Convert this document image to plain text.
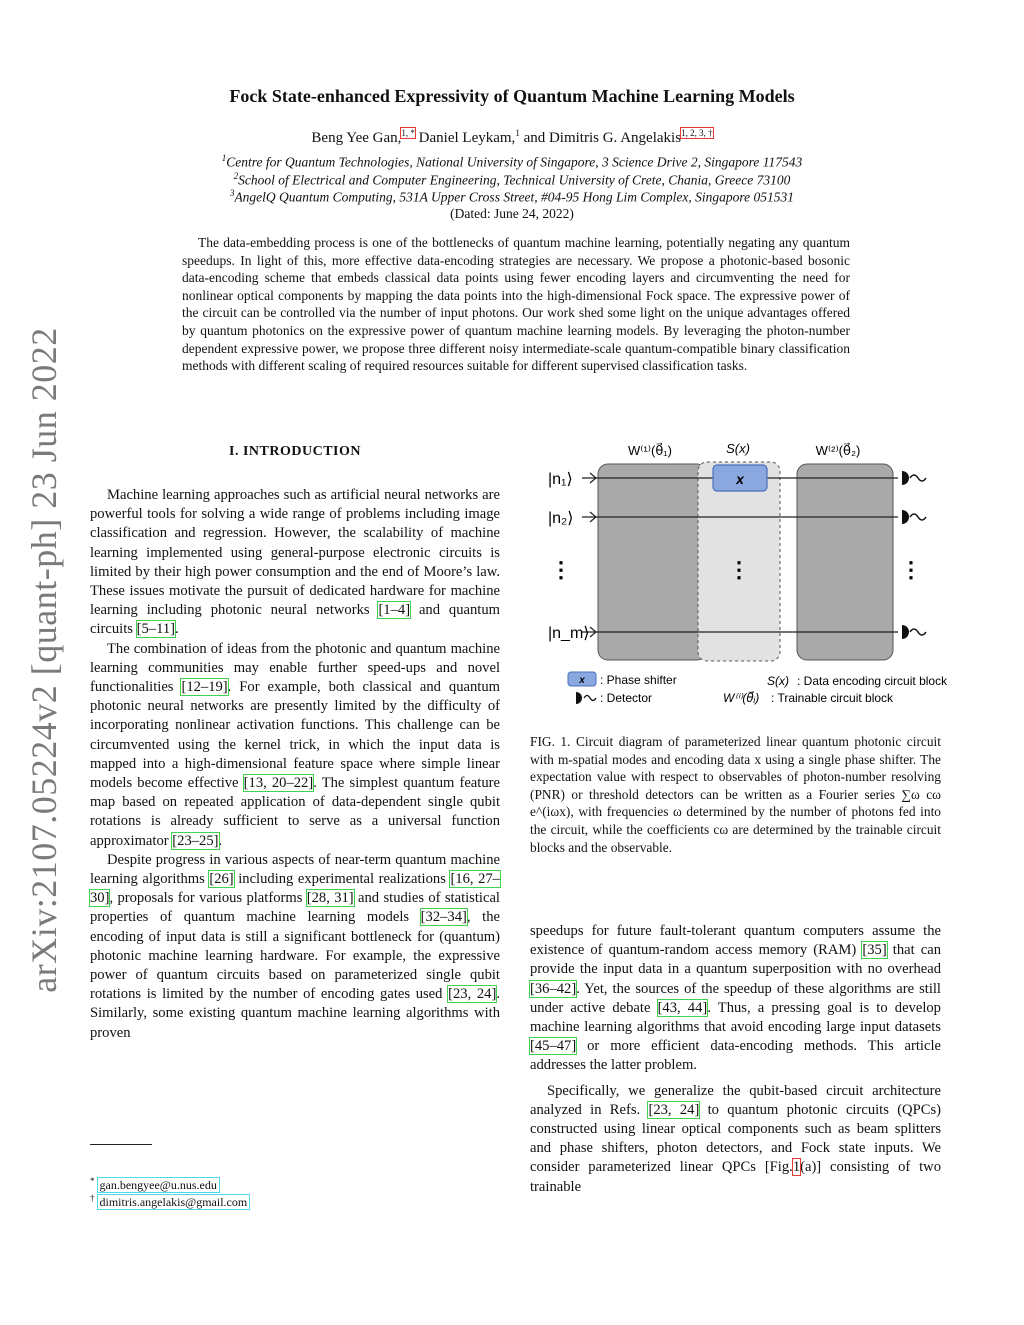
arXiv:2107.05224v2 [quant-ph] 23 Jun 2022
Fock State-enhanced Expressivity of Quantum Machine Learning Models
Beng Yee Gan,$^{1, *}$ Daniel Leykam,$^1$ and Dimitris G. Angelakis$^{1, 2, 3, \dagger}$
$^1$Centre for Quantum Technologies, National University of Singapore, 3 Science Drive 2, Singapore 117543
$^2$School of Electrical and Computer Engineering, Technical University of Crete, Chania, Greece 73100
$^3$AngelQ Quantum Computing, 531A Upper Cross Street, #04-95 Hong Lim Complex, Singapore 051531
(Dated: June 24, 2022)
The data-embedding process is one of the bottlenecks of quantum machine learning, potentially negating any quantum speedups. In light of this, more effective data-encoding strategies are necessary. We propose a photonic-based bosonic data-encoding scheme that embeds classical data points using fewer encoding layers and circumventing the need for nonlinear optical components by mapping the data points into the high-dimensional Fock space. The expressive power of the circuit can be controlled via the number of input photons. Our work shed some light on the unique advantages offered by quantum photonics on the expressive power of quantum machine learning models. By leveraging the photon-number dependent expressive power, we propose three different noisy intermediate-scale quantum-compatible binary classification methods with different scaling of required resources suitable for different supervised classification tasks.
I. INTRODUCTION

Machine learning approaches such as artificial neural networks are powerful tools for solving a wide range of problems including image classification and regression. However, the scalability of machine learning implemented using general-purpose electronic circuits is limited by their high power consumption and the end of Moore’s law. These issues motivate the pursuit of dedicated hardware for machine learning including photonic neural networks [1–4] and quantum circuits [5–11].

The combination of ideas from the photonic and quantum machine learning communities may enable further speed-ups and novel functionalities [12–19]. For example, both classical and quantum photonic neural networks are presently limited by the difficulty of incorporating nonlinear activation functions. This challenge can be circumvented using the kernel trick, in which the input data is mapped into a high-dimensional feature space where simple linear models become effective [13, 20–22]. The simplest quantum feature map based on repeated application of data-dependent single qubit rotations is already sufficient to serve as a universal function approximator [23–25].

Despite progress in various aspects of near-term quantum machine learning algorithms [26] including experimental realizations [16, 27–30], proposals for various platforms [28, 31] and studies of statistical properties of quantum machine learning models [32–34], the encoding of input data is still a significant bottleneck for (quantum) photonic machine learning hardware. For example, the expressive power of quantum circuits based on parameterized single qubit rotations is limited by the number of encoding gates used [23, 24]. Similarly, some existing quantum machine learning algorithms with proven

W⁽¹⁾(θ⃗₁)	S(x)	W⁽²⁾(θ⃗₂)
|n₁⟩
|n₂⟩
⋮
|n_m⟩
x
⋮	⋮
x : Phase shifter
: Detector
S(x) : Data encoding circuit block
W⁽ⁱ⁾(θ⃗ᵢ) : Trainable circuit block
FIG. 1. Circuit diagram of parameterized linear quantum photonic circuit with m-spatial modes and encoding data x using a single phase shifter. The expectation value with respect to observables of photon-number resolving (PNR) or threshold detectors can be written as a Fourier series ∑ω cω e^(iωx), with frequencies ω determined by the number of photons fed into the circuit, while the coefficients cω are determined by the trainable circuit blocks and the observable.

speedups for future fault-tolerant quantum computers assume the existence of quantum-random access memory (RAM) [35] that can provide the input data in a quantum superposition with no overhead [36–42]. Yet, the sources of the speedup of these algorithms are still under active debate [43, 44]. Thus, a pressing goal is to develop machine learning algorithms that avoid encoding large input datasets [45–47] or more efficient data-encoding methods. This article addresses the latter problem.

Specifically, we generalize the qubit-based circuit architecture analyzed in Refs. [23, 24] to quantum photonic circuits (QPCs) constructed using linear optical components such as beam splitters and phase shifters, photon detectors, and Fock state inputs. We consider parameterized linear QPCs [Fig.1(a)] consisting of two trainable

* gan.bengyee@u.nus.edu
† dimitris.angelakis@gmail.com
